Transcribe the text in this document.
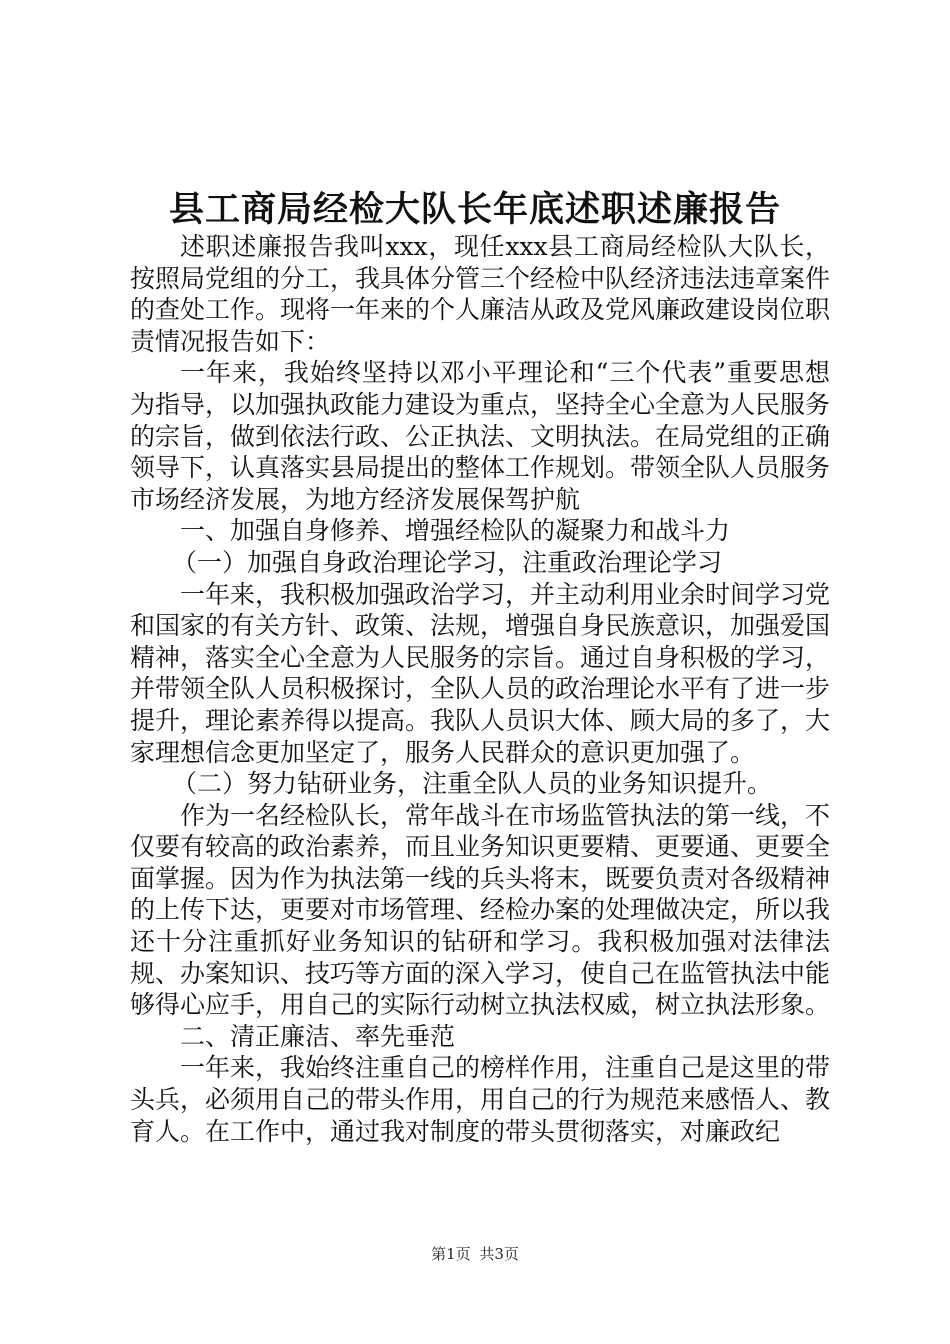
县工商局经检大队长年底述职述廉报告

述职述廉报告我叫xxx，现任xxx县工商局经检队大队长，按照局党组的分工，我具体分管三个经检中队经济违法违章案件的查处工作。现将一年来的个人廉洁从政及党风廉政建设岗位职责情况报告如下：

一年来，我始终坚持以邓小平理论和“三个代表”重要思想为指导，以加强执政能力建设为重点，坚持全心全意为人民服务的宗旨，做到依法行政、公正执法、文明执法。在局党组的正确领导下，认真落实县局提出的整体工作规划。带领全队人员服务市场经济发展，为地方经济发展保驾护航

一、加强自身修养、增强经检队的凝聚力和战斗力

（一）加强自身政治理论学习，注重政治理论学习

一年来，我积极加强政治学习，并主动利用业余时间学习党和国家的有关方针、政策、法规，增强自身民族意识，加强爱国精神，落实全心全意为人民服务的宗旨。通过自身积极的学习，并带领全队人员积极探讨，全队人员的政治理论水平有了进一步提升，理论素养得以提高。我队人员识大体、顾大局的多了，大家理想信念更加坚定了，服务人民群众的意识更加强了。

（二）努力钻研业务，注重全队人员的业务知识提升。

作为一名经检队长，常年战斗在市场监管执法的第一线，不仅要有较高的政治素养，而且业务知识更要精、更要通、更要全面掌握。因为作为执法第一线的兵头将末，既要负责对各级精神的上传下达，更要对市场管理、经检办案的处理做决定，所以我还十分注重抓好业务知识的钻研和学习。我积极加强对法律法规、办案知识、技巧等方面的深入学习，使自己在监管执法中能够得心应手，用自己的实际行动树立执法权威，树立执法形象。

二、清正廉洁、率先垂范

一年来，我始终注重自己的榜样作用，注重自己是这里的带头兵，必须用自己的带头作用，用自己的行为规范来感悟人、教育人。在工作中，通过我对制度的带头贯彻落实，对廉政纪

第1页 共3页
